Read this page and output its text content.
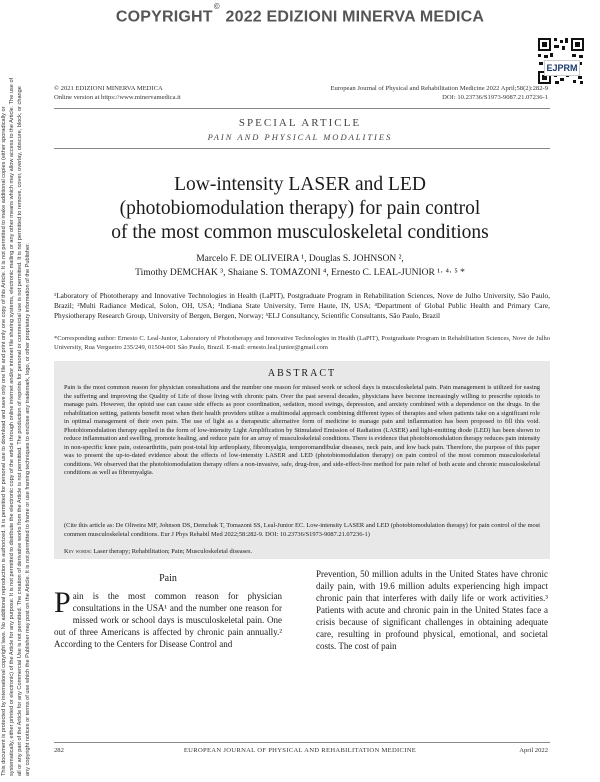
COPYRIGHT© 2022 EDIZIONI MINERVA MEDICA
This document is protected by international copyright laws. No additional reproduction is authorized. It is permitted for personal use to download and save only one file and print only one copy of this Article. It is not permitted to make additional copies (either sporadically or systematically, either printed or electronic) of the Article for any purpose. It is not permitted to distribute the electronic copy of the article through online internet and/or intranet file sharing systems, electronic mailing or any other means which may allow access to the Article. The use of all or any part of the Article for any Commercial Use is not permitted. The creation of derivative works from the Article is not permitted. The production of reprints for personal or commercial use is not permitted. It is not permitted to remove, cover, overlay, obscure, block, or change any copyright notices or terms of use which the Publisher may post on the Article. It is not permitted to frame or use framing techniques to enclose any trademark, logo, or other proprietary information of the Publisher.
EJPRM
© 2021 EDIZIONI MINERVA MEDICA
Online version at https://www.minervamedica.it
European Journal of Physical and Rehabilitation Medicine 2022 April;58(2):282-9
DOI: 10.23736/S1973-9087.21.07236-1
SPECIAL ARTICLE
PAIN AND PHYSICAL MODALITIES
Low-intensity LASER and LED
(photobiomodulation therapy) for pain control
of the most common musculoskeletal conditions
Marcelo F. DE OLIVEIRA ¹, Douglas S. JOHNSON ²,
Timothy DEMCHAK ³, Shaiane S. TOMAZONI ⁴, Ernesto C. LEAL-JUNIOR ¹· ⁴· ⁵ *
¹Laboratory of Phototherapy and Innovative Technologies in Health (LaPIT), Postgraduate Program in Rehabilitation Sciences, Nove de Julho University, São Paulo, Brazil; ²Multi Radiance Medical, Solon, OH, USA; ³Indiana State University, Terre Haute, IN, USA; ⁴Department of Global Public Health and Primary Care, Physiotherapy Research Group, University of Bergen, Bergen, Norway; ⁵ELJ Consultancy, Scientific Consultants, São Paulo, Brazil
*Corresponding author: Ernesto C. Leal-Junior, Laboratory of Phototherapy and Innovative Technologies in Health (LaPIT), Postgraduate Program in Rehabilitation Sciences, Nove de Julho University, Rua Vergueiro 235/249, 01504-001 São Paulo, Brazil. E-mail: ernesto.leal.junior@gmail.com
ABSTRACT
Pain is the most common reason for physician consultations and the number one reason for missed work or school days is musculoskeletal pain. Pain management is utilized for easing the suffering and improving the Quality of Life of those living with chronic pain. Over the past several decades, physicians have become increasingly willing to prescribe opioids to manage pain. However, the opioid use can cause side effects as poor coordination, sedation, mood swings, depression, and anxiety combined with a dependence on the drugs. In the rehabilitation setting, patients benefit most when their health providers utilize a multimodal approach combining different types of therapies and when patients take on a significant role in optimal management of their own pain. The use of light as a therapeutic alternative form of medicine to manage pain and inflammation has been proposed to fill this void. Photobiomodulation therapy applied in the form of low-intensity Light Amplification by Stimulated Emission of Radiation (LASER) and light-emitting diode (LED) has been shown to reduce inflammation and swelling, promote healing, and reduce pain for an array of musculoskeletal conditions. There is evidence that photobiomodulation therapy reduces pain intensity in non-specific knee pain, osteoarthritis, pain post-total hip arthroplasty, fibromyalgia, temporomandibular diseases, neck pain, and low back pain. Therefore, the purpose of this paper was to present the up-to-dated evidence about the effects of low-intensity LASER and LED (photobiomodulation therapy) on pain control of the most common musculoskeletal conditions. We observed that the photobiomodulation therapy offers a non-invasive, safe, drug-free, and side-effect-free method for pain relief of both acute and chronic musculoskeletal conditions as well as fibromyalgia.
(Cite this article as: De Oliveira MF, Johnson DS, Demchak T, Tomazoni SS, Leal-Junior EC. Low-intensity LASER and LED (photobiomodulation therapy) for pain control of the most common musculoskeletal conditions. Eur J Phys Rehabil Med 2022;58:282-9. DOI: 10.23736/S1973-9087.21.07236-1)
Key words: Laser therapy; Rehabilitation; Pain; Musculoskeletal diseases.
Pain
Pain is the most common reason for physician consultations in the USA¹ and the number one reason for missed work or school days is musculoskeletal pain. One out of three Americans is affected by chronic pain annually.² According to the Centers for Disease Control and
Prevention, 50 million adults in the United States have chronic daily pain, with 19.6 million adults experiencing high impact chronic pain that interferes with daily life or work activities.³ Patients with acute and chronic pain in the United States face a crisis because of significant challenges in obtaining adequate care, resulting in profound physical, emotional, and societal costs. The cost of pain
282	EUROPEAN JOURNAL OF PHYSICAL AND REHABILITATION MEDICINE	April 2022
